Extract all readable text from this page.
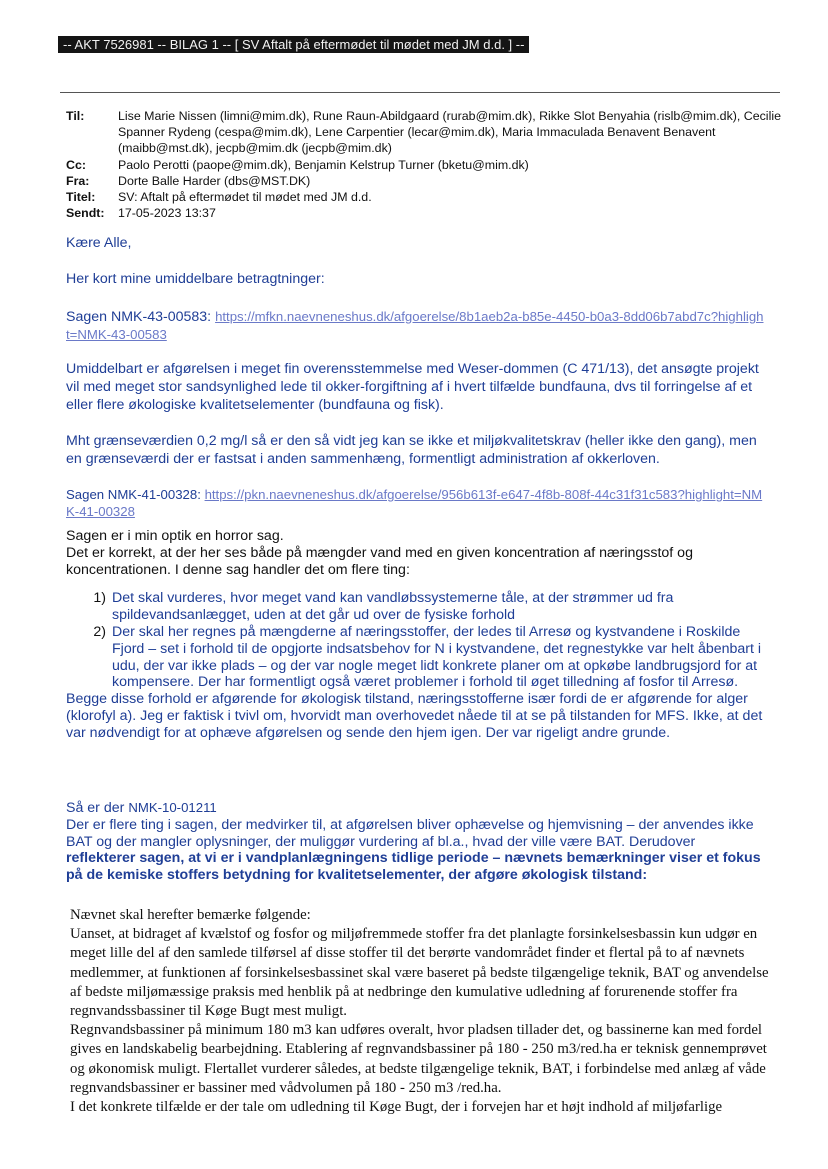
-- AKT 7526981 -- BILAG 1 -- [ SV Aftalt på eftermødet til mødet med JM d.d. ] --
Til:	Lise Marie Nissen (limni@mim.dk), Rune Raun-Abildgaard (rurab@mim.dk), Rikke Slot Benyahia (rislb@mim.dk), Cecilie Spanner Rydeng (cespa@mim.dk), Lene Carpentier (lecar@mim.dk), Maria Immaculada Benavent Benavent (maibb@mst.dk), jecpb@mim.dk (jecpb@mim.dk)
Cc:	Paolo Perotti (paope@mim.dk), Benjamin Kelstrup Turner (bketu@mim.dk)
Fra:	Dorte Balle Harder (dbs@MST.DK)
Titel:	SV: Aftalt på eftermødet til mødet med JM d.d.
Sendt:	17-05-2023 13:37

Kære Alle,

Her kort mine umiddelbare betragtninger:

Sagen NMK-43-00583: https://mfkn.naevneneshus.dk/afgoerelse/8b1aeb2a-b85e-4450-b0a3-8dd06b7abd7c?highlight=NMK-43-00583

Umiddelbart er afgørelsen i meget fin overensstemmelse med Weser-dommen (C 471/13), det ansøgte projekt vil med meget stor sandsynlighed lede til okker-forgiftning af i hvert tilfælde bundfauna, dvs til forringelse af et eller flere økologiske kvalitetselementer (bundfauna og fisk).

Mht grænseværdien 0,2 mg/l så er den så vidt jeg kan se ikke et miljøkvalitetskrav (heller ikke den gang), men en grænseværdi der er fastsat i anden sammenhæng, formentligt administration af okkerloven.

Sagen NMK-41-00328: https://pkn.naevneneshus.dk/afgoerelse/956b613f-e647-4f8b-808f-44c31f31c583?highlight=NMK-41-00328

Sagen er i min optik en horror sag.

Det er korrekt, at der her ses både på mængder vand med en given koncentration af næringsstof og koncentrationen. I denne sag handler det om flere ting:

1) Det skal vurderes, hvor meget vand kan vandløbssystemerne tåle, at der strømmer ud fra spildevandsanlægget, uden at det går ud over de fysiske forhold
2) Der skal her regnes på mængderne af næringsstoffer, der ledes til Arresø og kystvandene i Roskilde Fjord – set i forhold til de opgjorte indsatsbehov for N i kystvandene, det regnestykke var helt åbenbart i udu, der var ikke plads – og der var nogle meget lidt konkrete planer om at opkøbe landbrugsjord for at kompensere. Der har formentligt også været problemer i forhold til øget tilledning af fosfor til Arresø.

Begge disse forhold er afgørende for økologisk tilstand, næringsstofferne især fordi de er afgørende for alger (klorofyl a). Jeg er faktisk i tvivl om, hvorvidt man overhovedet nåede til at se på tilstanden for MFS. Ikke, at det var nødvendigt for at ophæve afgørelsen og sende den hjem igen. Der var rigeligt andre grunde.

Så er der NMK-10-01211

Der er flere ting i sagen, der medvirker til, at afgørelsen bliver ophævelse og hjemvisning – der anvendes ikke BAT og der mangler oplysninger, der muliggør vurdering af bl.a., hvad der ville være BAT. Derudover reflekterer sagen, at vi er i vandplanlægningens tidlige periode – nævnets bemærkninger viser et fokus på de kemiske stoffers betydning for kvalitetselementer, der afgøre økologisk tilstand:

Nævnet skal herefter bemærke følgende:

Uanset, at bidraget af kvælstof og fosfor og miljøfremmede stoffer fra det planlagte forsinkelsesbassin kun udgør en meget lille del af den samlede tilførsel af disse stoffer til det berørte vandområdet finder et flertal på to af nævnets medlemmer, at funktionen af forsinkelsesbassinet skal være baseret på bedste tilgængelige teknik, BAT og anvendelse af bedste miljømæssige praksis med henblik på at nedbringe den kumulative udledning af forurenende stoffer fra regnvandssbassiner til Køge Bugt mest muligt.

Regnvandsbassiner på minimum 180 m3 kan udføres overalt, hvor pladsen tillader det, og bassinerne kan med fordel gives en landskabelig bearbejdning. Etablering af regnvandsbassiner på 180 - 250 m3/red.ha er teknisk gennemprøvet og økonomisk muligt. Flertallet vurderer således, at bedste tilgængelige teknik, BAT, i forbindelse med anlæg af våde regnvandsbassiner er bassiner med vådvolumen på 180 - 250 m3 /red.ha.

I det konkrete tilfælde er der tale om udledning til Køge Bugt, der i forvejen har et højt indhold af miljøfarlige
